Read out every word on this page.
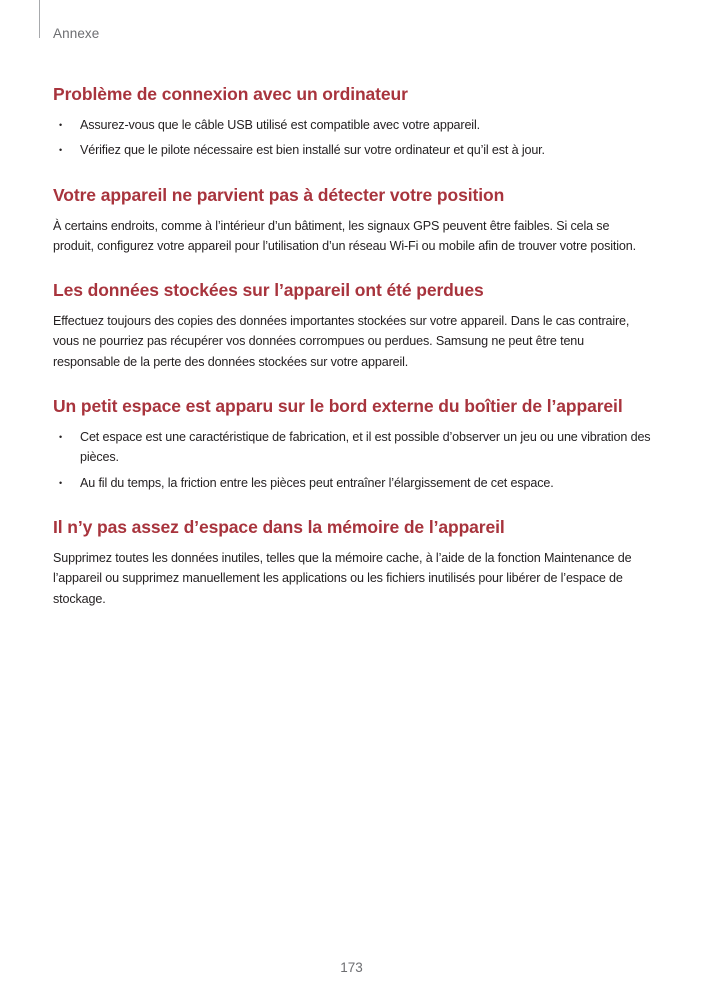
Annexe
Problème de connexion avec un ordinateur
• Assurez-vous que le câble USB utilisé est compatible avec votre appareil.
• Vérifiez que le pilote nécessaire est bien installé sur votre ordinateur et qu’il est à jour.
Votre appareil ne parvient pas à détecter votre position

À certains endroits, comme à l’intérieur d’un bâtiment, les signaux GPS peuvent être faibles. Si cela se produit, configurez votre appareil pour l’utilisation d’un réseau Wi-Fi ou mobile afin de trouver votre position.

Les données stockées sur l’appareil ont été perdues

Effectuez toujours des copies des données importantes stockées sur votre appareil. Dans le cas contraire, vous ne pourriez pas récupérer vos données corrompues ou perdues. Samsung ne peut être tenu responsable de la perte des données stockées sur votre appareil.

Un petit espace est apparu sur le bord externe du boîtier de l’appareil
• Cet espace est une caractéristique de fabrication, et il est possible d’observer un jeu ou une vibration des pièces.
• Au fil du temps, la friction entre les pièces peut entraîner l’élargissement de cet espace.
Il n’y pas assez d’espace dans la mémoire de l’appareil

Supprimez toutes les données inutiles, telles que la mémoire cache, à l’aide de la fonction Maintenance de l’appareil ou supprimez manuellement les applications ou les fichiers inutilisés pour libérer de l’espace de stockage.

173
